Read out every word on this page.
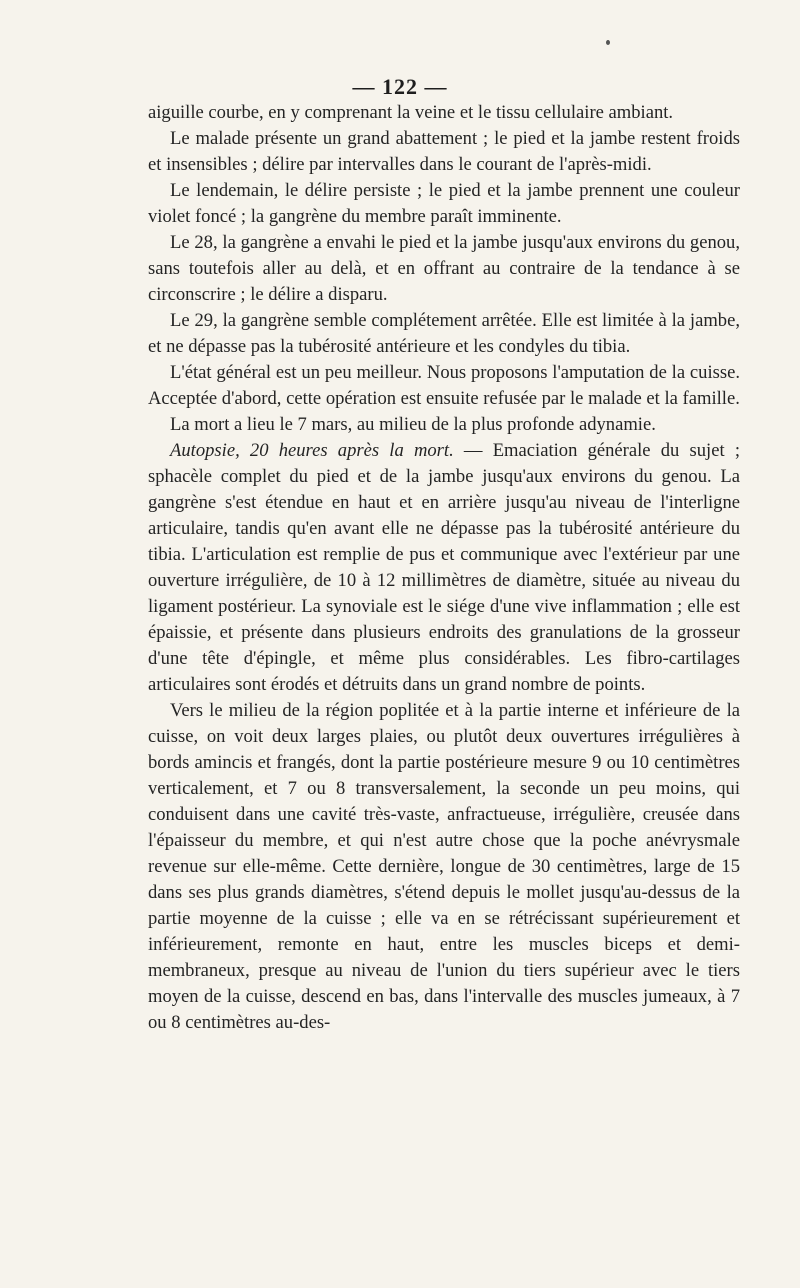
— 122 —

aiguille courbe, en y comprenant la veine et le tissu cellulaire ambiant.

Le malade présente un grand abattement ; le pied et la jambe restent froids et insensibles ; délire par intervalles dans le courant de l'après-midi.

Le lendemain, le délire persiste ; le pied et la jambe prennent une couleur violet foncé ; la gangrène du membre paraît imminente.

Le 28, la gangrène a envahi le pied et la jambe jusqu'aux environs du genou, sans toutefois aller au delà, et en offrant au contraire de la tendance à se circonscrire ; le délire a disparu.

Le 29, la gangrène semble complétement arrêtée. Elle est limitée à la jambe, et ne dépasse pas la tubérosité antérieure et les condyles du tibia.

L'état général est un peu meilleur. Nous proposons l'amputation de la cuisse. Acceptée d'abord, cette opération est ensuite refusée par le malade et la famille.

La mort a lieu le 7 mars, au milieu de la plus profonde adynamie.

Autopsie, 20 heures après la mort. — Emaciation générale du sujet ; sphacèle complet du pied et de la jambe jusqu'aux environs du genou. La gangrène s'est étendue en haut et en arrière jusqu'au niveau de l'interligne articulaire, tandis qu'en avant elle ne dépasse pas la tubérosité antérieure du tibia. L'articulation est remplie de pus et communique avec l'extérieur par une ouverture irrégulière, de 10 à 12 millimètres de diamètre, située au niveau du ligament postérieur. La synoviale est le siége d'une vive inflammation ; elle est épaissie, et présente dans plusieurs endroits des granulations de la grosseur d'une tête d'épingle, et même plus considérables. Les fibro-cartilages articulaires sont érodés et détruits dans un grand nombre de points.

Vers le milieu de la région poplitée et à la partie interne et inférieure de la cuisse, on voit deux larges plaies, ou plutôt deux ouvertures irrégulières à bords amincis et frangés, dont la partie postérieure mesure 9 ou 10 centimètres verticalement, et 7 ou 8 transversalement, la seconde un peu moins, qui conduisent dans une cavité très-vaste, anfractueuse, irrégulière, creusée dans l'épaisseur du membre, et qui n'est autre chose que la poche anévrysmale revenue sur elle-même. Cette dernière, longue de 30 centimètres, large de 15 dans ses plus grands diamètres, s'étend depuis le mollet jusqu'au-dessus de la partie moyenne de la cuisse ; elle va en se rétrécissant supérieurement et inférieurement, remonte en haut, entre les muscles biceps et demi-membraneux, presque au niveau de l'union du tiers supérieur avec le tiers moyen de la cuisse, descend en bas, dans l'intervalle des muscles jumeaux, à 7 ou 8 centimètres au-des-
